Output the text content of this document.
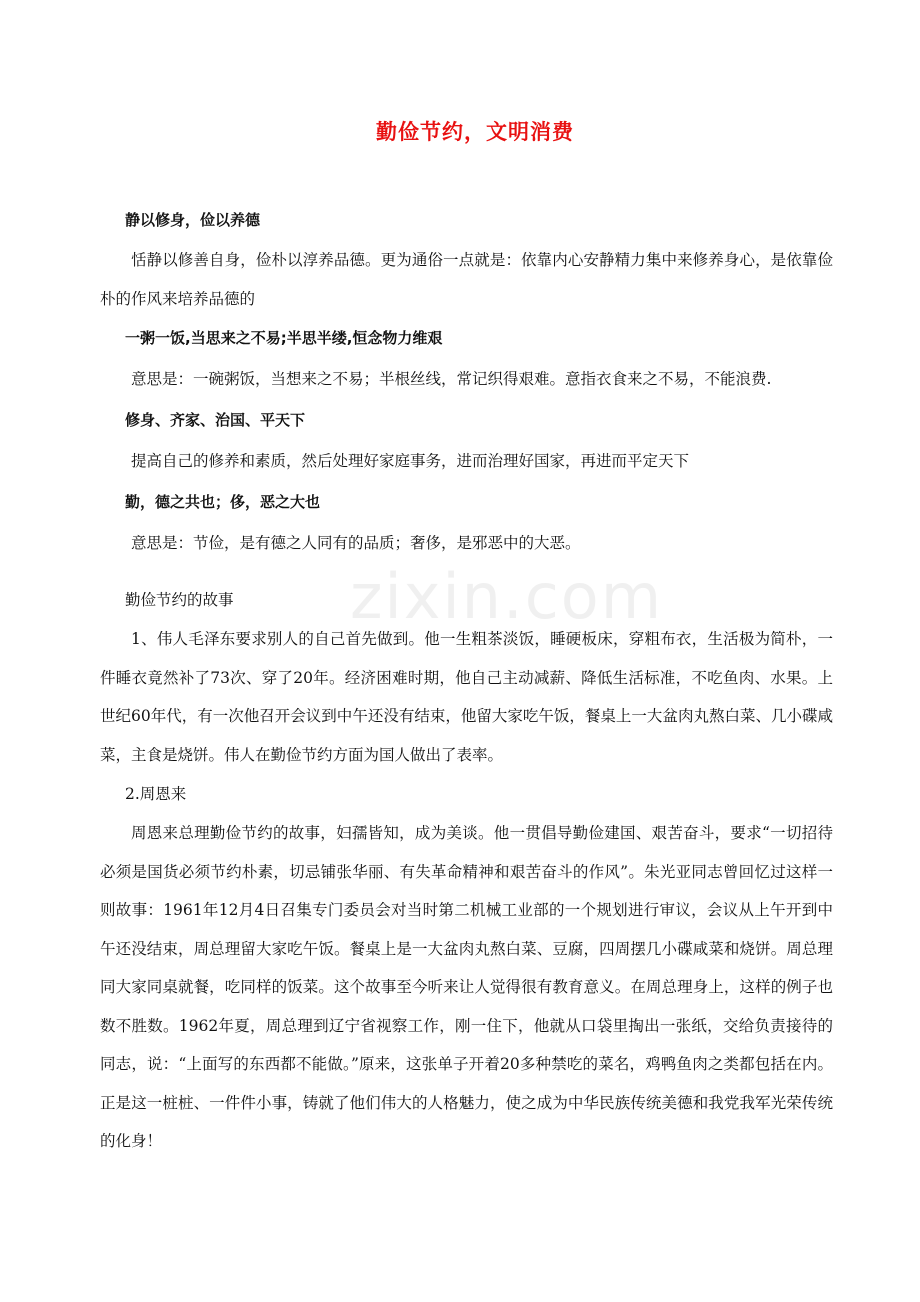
勤俭节约，文明消费
zixin.com
静以修身，俭以养德

恬静以修善自身，俭朴以淳养品德。更为通俗一点就是：依靠内心安静精力集中来修养身心，是依靠俭朴的作风来培养品德的

一粥一饭,当思来之不易;半思半缕,恒念物力维艰

意思是：一碗粥饭，当想来之不易；半根丝线，常记织得艰难。意指衣食来之不易，不能浪费.

修身、齐家、治国、平天下

提高自己的修养和素质，然后处理好家庭事务，进而治理好国家，再进而平定天下

勤，德之共也；侈，恶之大也

意思是：节俭，是有德之人同有的品质；奢侈，是邪恶中的大恶。

勤俭节约的故事

1、伟人毛泽东要求别人的自己首先做到。他一生粗茶淡饭，睡硬板床，穿粗布衣，生活极为简朴，一件睡衣竟然补了73次、穿了20年。经济困难时期，他自己主动减薪、降低生活标准，不吃鱼肉、水果。上世纪60年代，有一次他召开会议到中午还没有结束，他留大家吃午饭，餐桌上一大盆肉丸熬白菜、几小碟咸菜，主食是烧饼。伟人在勤俭节约方面为国人做出了表率。

2.周恩来

周恩来总理勤俭节约的故事，妇孺皆知，成为美谈。他一贯倡导勤俭建国、艰苦奋斗，要求“一切招待必须是国货必须节约朴素，切忌铺张华丽、有失革命精神和艰苦奋斗的作风”。朱光亚同志曾回忆过这样一则故事：1961年12月4日召集专门委员会对当时第二机械工业部的一个规划进行审议，会议从上午开到中午还没结束，周总理留大家吃午饭。餐桌上是一大盆肉丸熬白菜、豆腐，四周摆几小碟咸菜和烧饼。周总理同大家同桌就餐，吃同样的饭菜。这个故事至今听来让人觉得很有教育意义。在周总理身上，这样的例子也数不胜数。1962年夏，周总理到辽宁省视察工作，刚一住下，他就从口袋里掏出一张纸，交给负责接待的同志，说：“上面写的东西都不能做。”原来，这张单子开着20多种禁吃的菜名，鸡鸭鱼肉之类都包括在内。正是这一桩桩、一件件小事，铸就了他们伟大的人格魅力，使之成为中华民族传统美德和我党我军光荣传统的化身！
